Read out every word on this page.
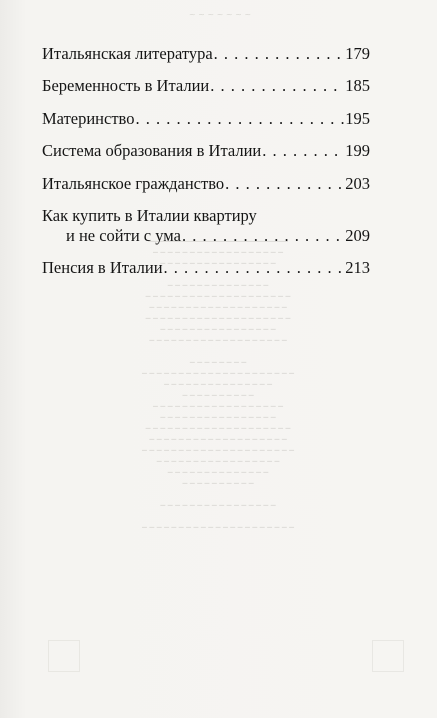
~ ~ ~ ~ ~ ~ ~
─────────────────────────────
─ ─ ─ ─ ─ ─ ─ ─ ─ ─ ─ ─ ─ ─ ─ ─ ─ ─
─ ─ ─ ─ ─ ─ ─ ─ ─ ─ ─ ─ ─ ─ ─ ─

─ ─ ─ ─ ─ ─ ─ ─ ─ ─ ─ ─ ─ ─
─ ─ ─ ─ ─ ─ ─ ─ ─ ─ ─ ─ ─ ─ ─ ─ ─ ─ ─ ─
─ ─ ─ ─ ─ ─ ─ ─ ─ ─ ─ ─ ─ ─ ─ ─ ─ ─ ─
─ ─ ─ ─ ─ ─ ─ ─ ─ ─ ─ ─ ─ ─ ─ ─ ─ ─ ─ ─
─ ─ ─ ─ ─ ─ ─ ─ ─ ─ ─ ─ ─ ─ ─ ─
─ ─ ─ ─ ─ ─ ─ ─ ─ ─ ─ ─ ─ ─ ─ ─ ─ ─ ─

─ ─ ─ ─ ─ ─ ─ ─
─ ─ ─ ─ ─ ─ ─ ─ ─ ─ ─ ─ ─ ─ ─ ─ ─ ─ ─ ─ ─
─ ─ ─ ─ ─ ─ ─ ─ ─ ─ ─ ─ ─ ─ ─
─ ─ ─ ─ ─ ─ ─ ─ ─ ─
─ ─ ─ ─ ─ ─ ─ ─ ─ ─ ─ ─ ─ ─ ─ ─ ─ ─
─ ─ ─ ─ ─ ─ ─ ─ ─ ─ ─ ─ ─ ─ ─ ─
─ ─ ─ ─ ─ ─ ─ ─ ─ ─ ─ ─ ─ ─ ─ ─ ─ ─ ─ ─
─ ─ ─ ─ ─ ─ ─ ─ ─ ─ ─ ─ ─ ─ ─ ─ ─ ─ ─
─ ─ ─ ─ ─ ─ ─ ─ ─ ─ ─ ─ ─ ─ ─ ─ ─ ─ ─ ─ ─
─ ─ ─ ─ ─ ─ ─ ─ ─ ─ ─ ─ ─ ─ ─ ─ ─
─ ─ ─ ─ ─ ─ ─ ─ ─ ─ ─ ─ ─ ─
─ ─ ─ ─ ─ ─ ─ ─ ─ ─

─ ─ ─ ─ ─ ─ ─ ─ ─ ─ ─ ─ ─ ─ ─ ─

─ ─ ─ ─ ─ ─ ─ ─ ─ ─ ─ ─ ─ ─ ─ ─ ─ ─ ─ ─ ─

Итальянская литература . . .	179
Беременность в Италии . . .	185
Материнство . . .	195
Система образования в Италии . . .	199
Итальянское гражданство . . .	203
Как купить в Италии квартиру
и не сойти с ума . . .	209
Пенсия в Италии . . .	213
